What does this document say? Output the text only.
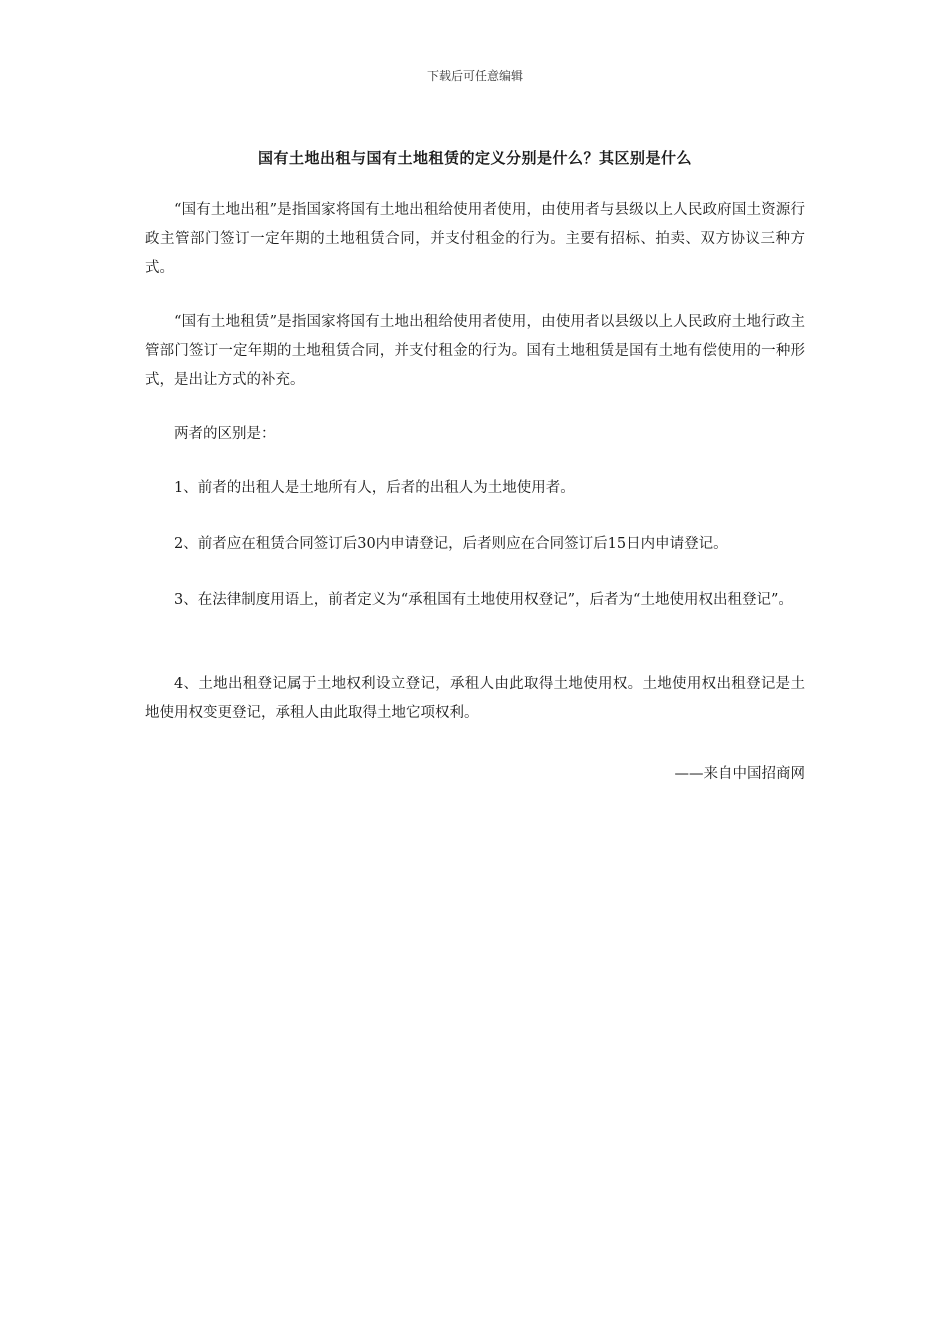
下载后可任意编辑
国有土地出租与国有土地租赁的定义分别是什么？其区别是什么

“国有土地出租”是指国家将国有土地出租给使用者使用，由使用者与县级以上人民政府国土资源行政主管部门签订一定年期的土地租赁合同，并支付租金的行为。主要有招标、拍卖、双方协议三种方式。

“国有土地租赁”是指国家将国有土地出租给使用者使用，由使用者以县级以上人民政府土地行政主管部门签订一定年期的土地租赁合同，并支付租金的行为。国有土地租赁是国有土地有偿使用的一种形式，是出让方式的补充。

两者的区别是：

1、前者的出租人是土地所有人，后者的出租人为土地使用者。

2、前者应在租赁合同签订后30内申请登记，后者则应在合同签订后15日内申请登记。

3、在法律制度用语上，前者定义为“承租国有土地使用权登记”，后者为“土地使用权出租登记”。

4、土地出租登记属于土地权利设立登记，承租人由此取得土地使用权。土地使用权出租登记是土地使用权变更登记，承租人由此取得土地它项权利。

——来自中国招商网
